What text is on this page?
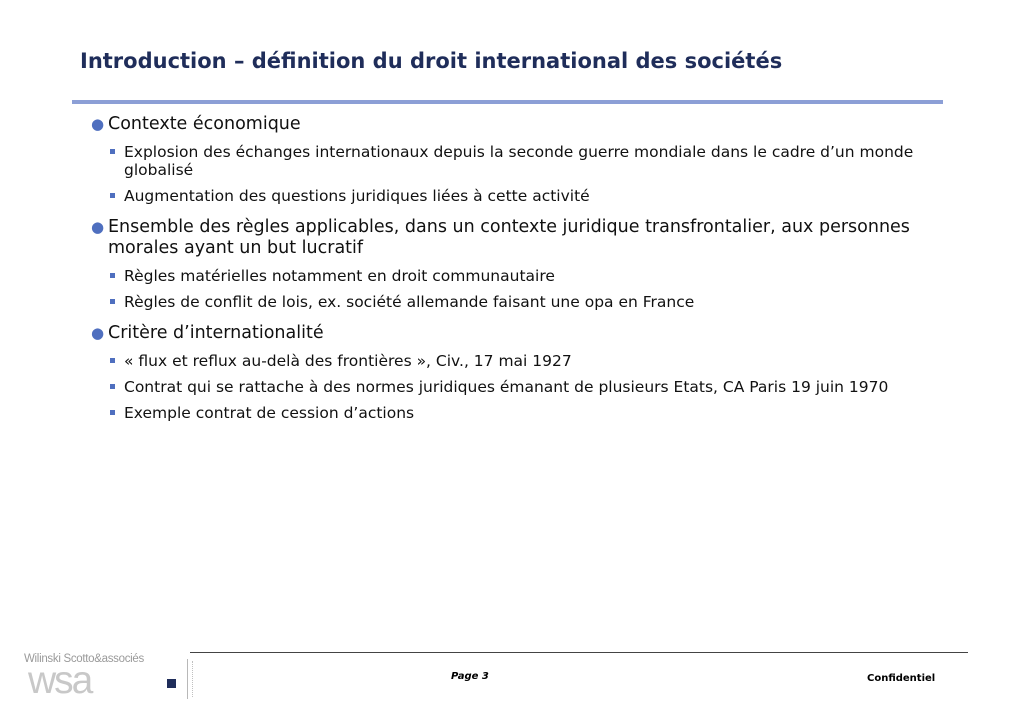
Introduction – définition du droit international des sociétés
● Contexte économique
Explosion des échanges internationaux depuis la seconde guerre mondiale dans le cadre d’un monde globalisé
Augmentation des questions juridiques liées à cette activité
● Ensemble des règles applicables, dans un contexte juridique transfrontalier, aux personnes morales ayant un but lucratif
Règles matérielles notamment en droit communautaire
Règles de conflit de lois, ex. société allemande faisant une opa en France
● Critère d’internationalité
« flux et reflux au-delà des frontières », Civ., 17 mai 1927
Contrat qui se rattache à des normes juridiques émanant de plusieurs Etats, CA Paris 19 juin 1970
Exemple contrat de cession d’actions
Wilinski Scotto&associés
wsa	Page 3	Confidentiel
